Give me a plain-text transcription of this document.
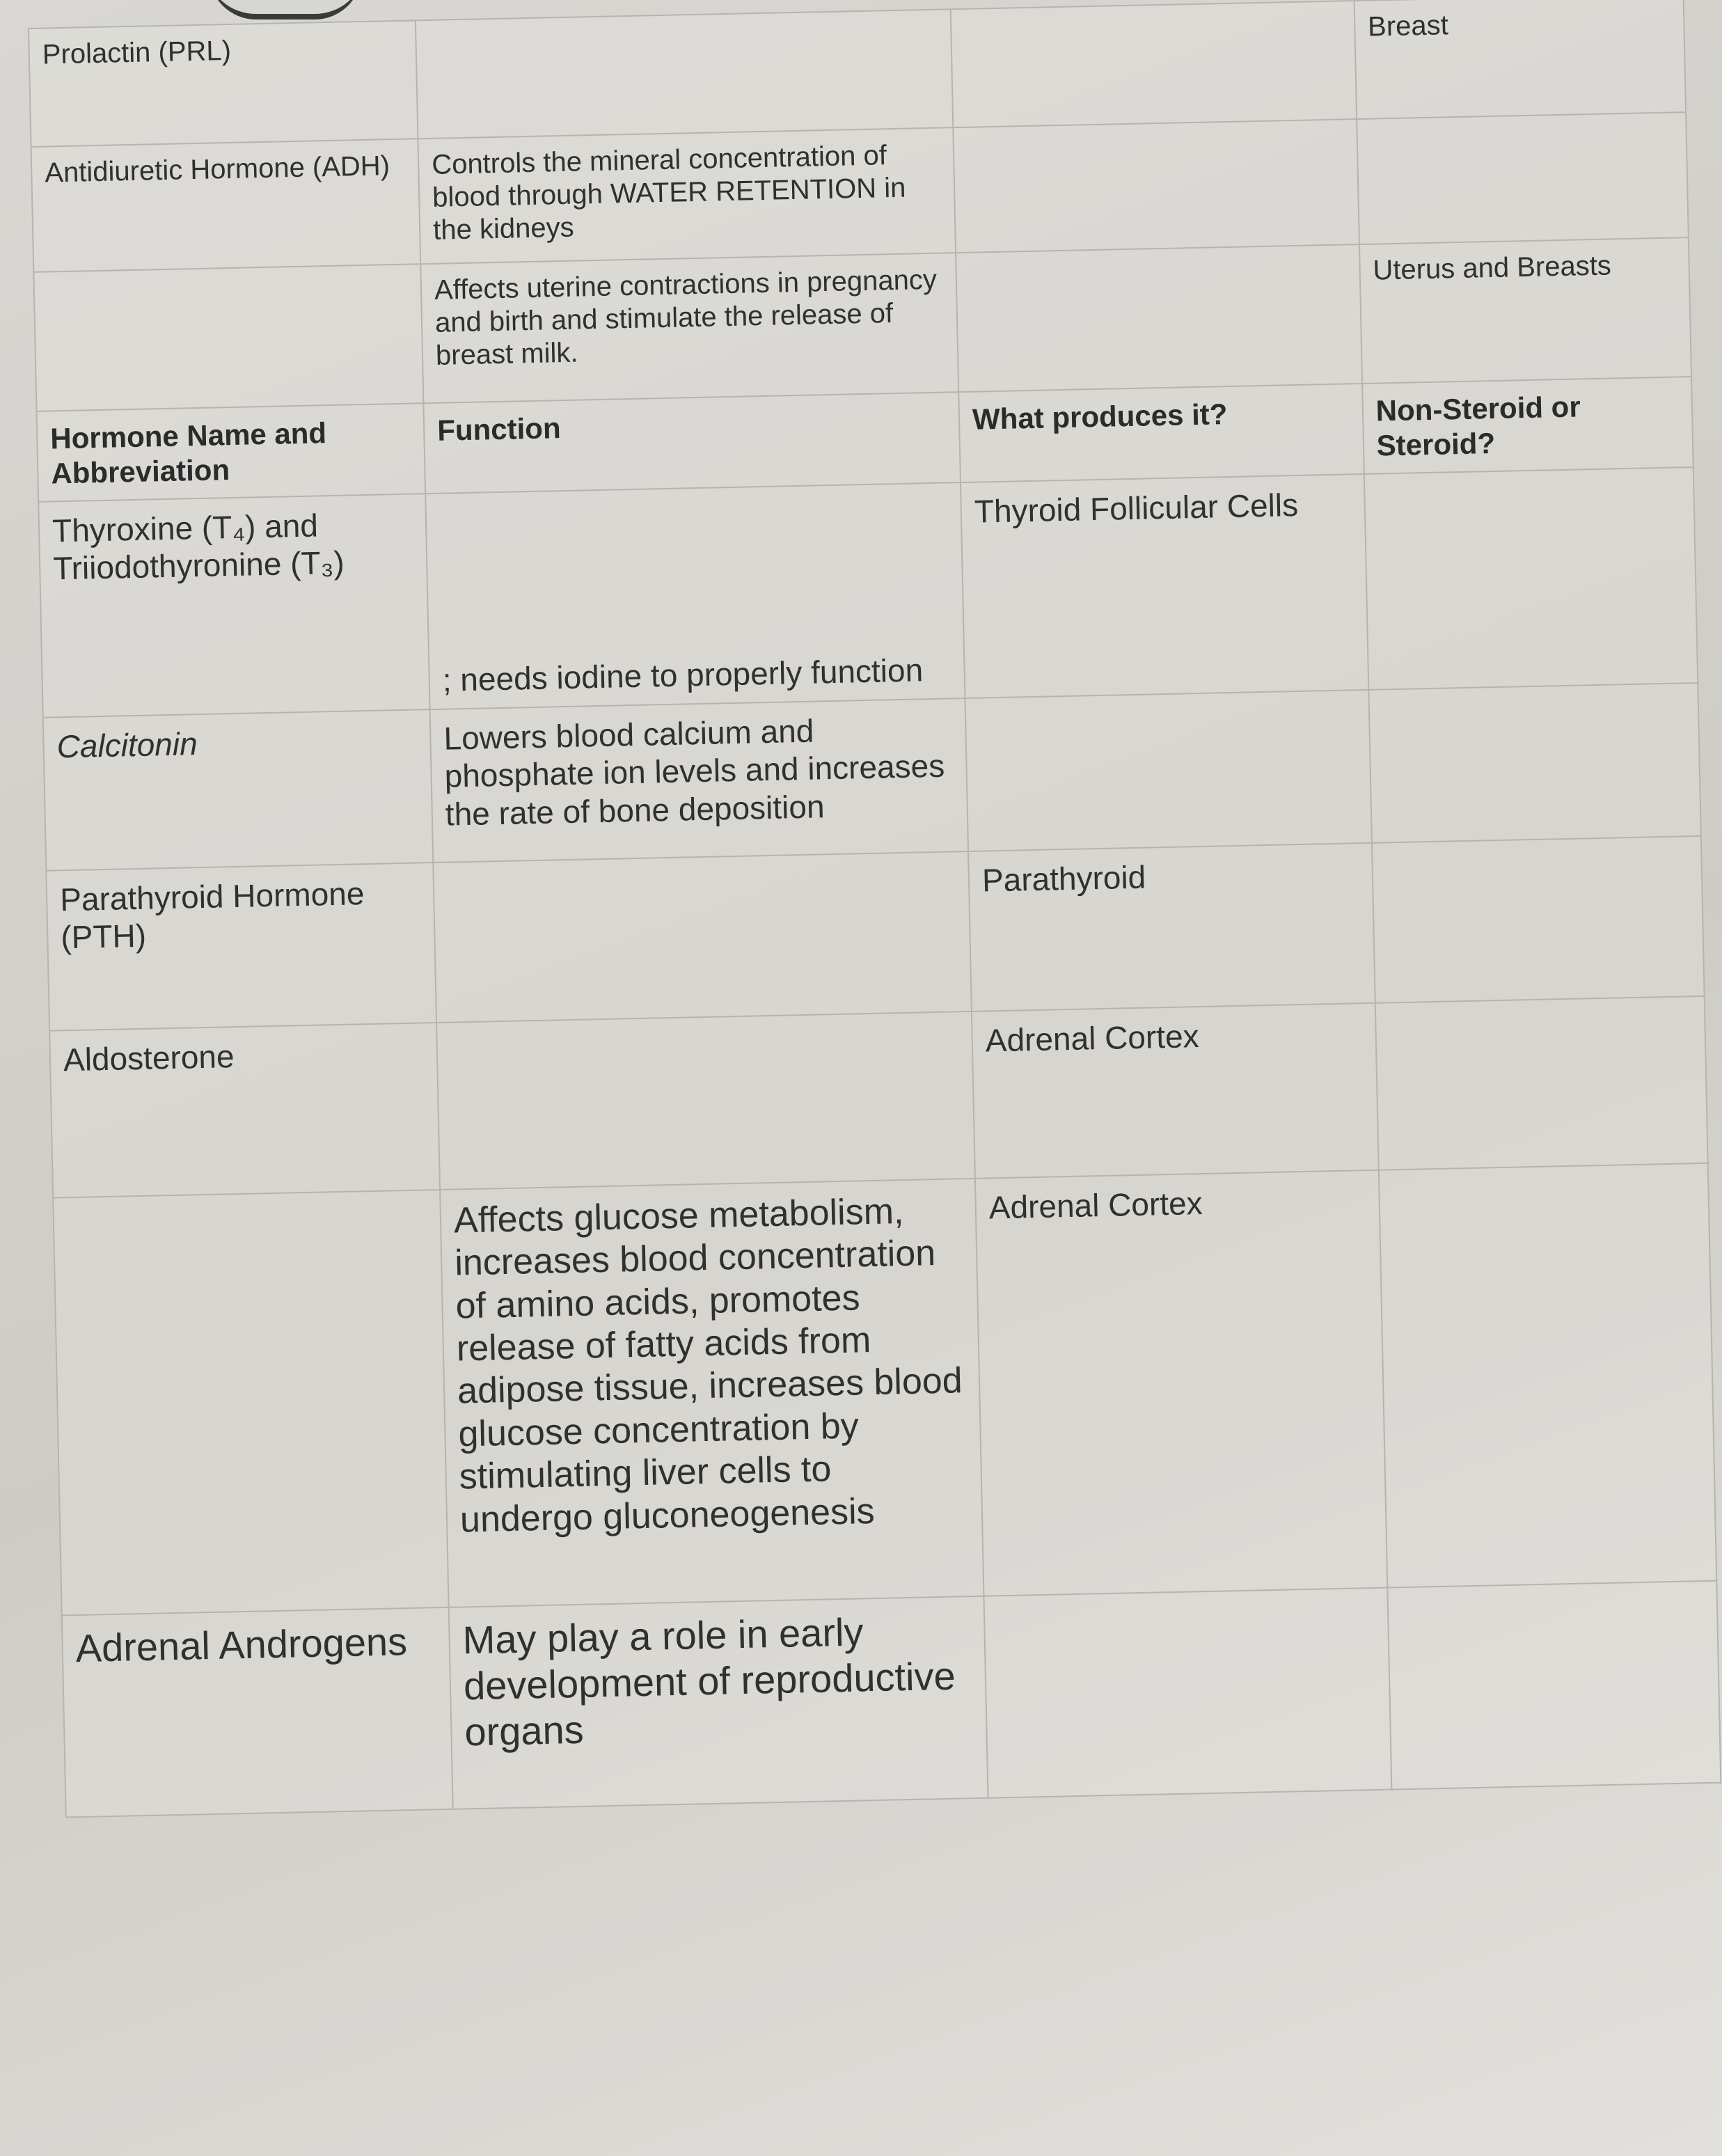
Prolactin (PRL)			Breast
Antidiuretic Hormone (ADH)	Controls the mineral concentration of blood through WATER RETENTION in the kidneys		
	Affects uterine contractions in pregnancy and birth and stimulate the release of breast milk.		Uterus and Breasts
Hormone Name and Abbreviation	Function	What produces it?	Non-Steroid or Steroid?
Thyroxine (T₄) and Triiodothyronine (T₃)	; needs iodine to properly function	Thyroid Follicular Cells	
Calcitonin	Lowers blood calcium and phosphate ion levels and increases the rate of bone deposition		
Parathyroid Hormone (PTH)		Parathyroid	
Aldosterone		Adrenal Cortex	
	Affects glucose metabolism, increases blood concentration of amino acids, promotes release of fatty acids from adipose tissue, increases blood glucose concentration by stimulating liver cells to undergo gluconeogenesis	Adrenal Cortex	
Adrenal Androgens	May play a role in early development of reproductive organs		
